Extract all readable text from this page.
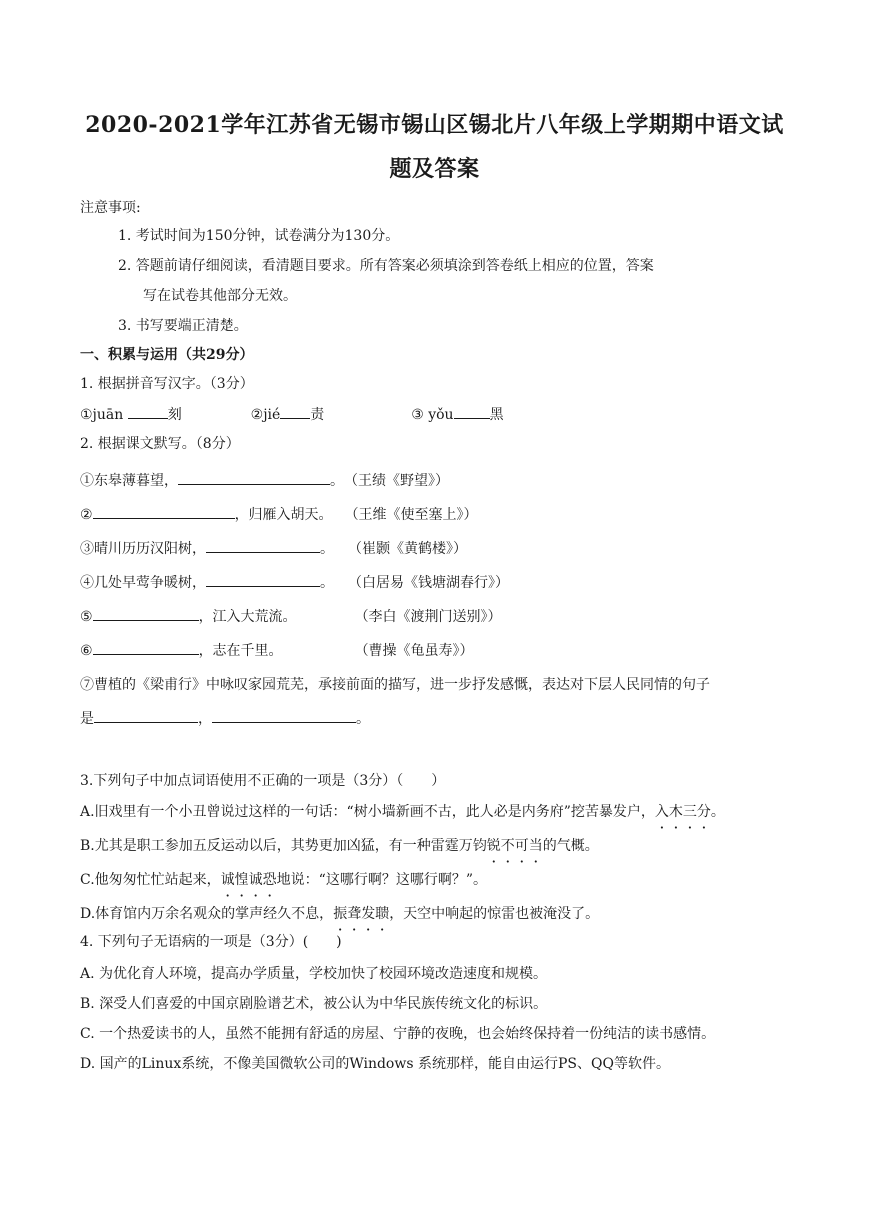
2020-2021学年江苏省无锡市锡山区锡北片八年级上学期期中语文试
题及答案
注意事项:
1. 考试时间为150分钟，试卷满分为130分。
2. 答题前请仔细阅读，看清题目要求。所有答案必须填涂到答卷纸上相应的位置，答案
写在试卷其他部分无效。
3. 书写要端正清楚。
一、积累与运用（共29分）
1. 根据拼音写汉字。（3分）
①juān	刻	②jié 责	③ yǒu	黑
2. 根据课文默写。（8分）
①东皋薄暮望，	。（王绩《野望》）
②	，归雁入胡天。 （王维《使至塞上》）
③晴川历历汉阳树，	。 （崔颢《黄鹤楼》）
④几处早莺争暖树，	。 （白居易《钱塘湖春行》）
⑤	，江入大荒流。	（李白《渡荆门送别》）
⑥	，志在千里。	（曹操《龟虽寿》）
⑦曹植的《梁甫行》中咏叹家园荒芜，承接前面的描写，进一步抒发感慨，表达对下层人民同情的句子
是	，	。
3.下列句子中加点词语使用不正确的一项是（3分）（　　）
A.旧戏里有一个小丑曾说过这样的一句话：“树小墙新画不古，此人必是内务府”挖苦暴发户，入木三分。
B.尤其是职工参加五反运动以后，其势更加凶猛，有一种雷霆万钧锐不可当的气概。
C.他匆匆忙忙站起来，诚惶诚恐地说：“这哪行啊？这哪行啊？”。
D.体育馆内万余名观众的掌声经久不息，振聋发聩，天空中响起的惊雷也被淹没了。
4. 下列句子无语病的一项是（3分）(　　)
A. 为优化育人环境，提高办学质量，学校加快了校园环境改造速度和规模。
B. 深受人们喜爱的中国京剧脸谱艺术，被公认为中华民族传统文化的标识。
C. 一个热爱读书的人，虽然不能拥有舒适的房屋、宁静的夜晚，也会始终保持着一份纯洁的读书感情。
D. 国产的Linux系统，不像美国微软公司的Windows 系统那样，能自由运行PS、QQ等软件。
